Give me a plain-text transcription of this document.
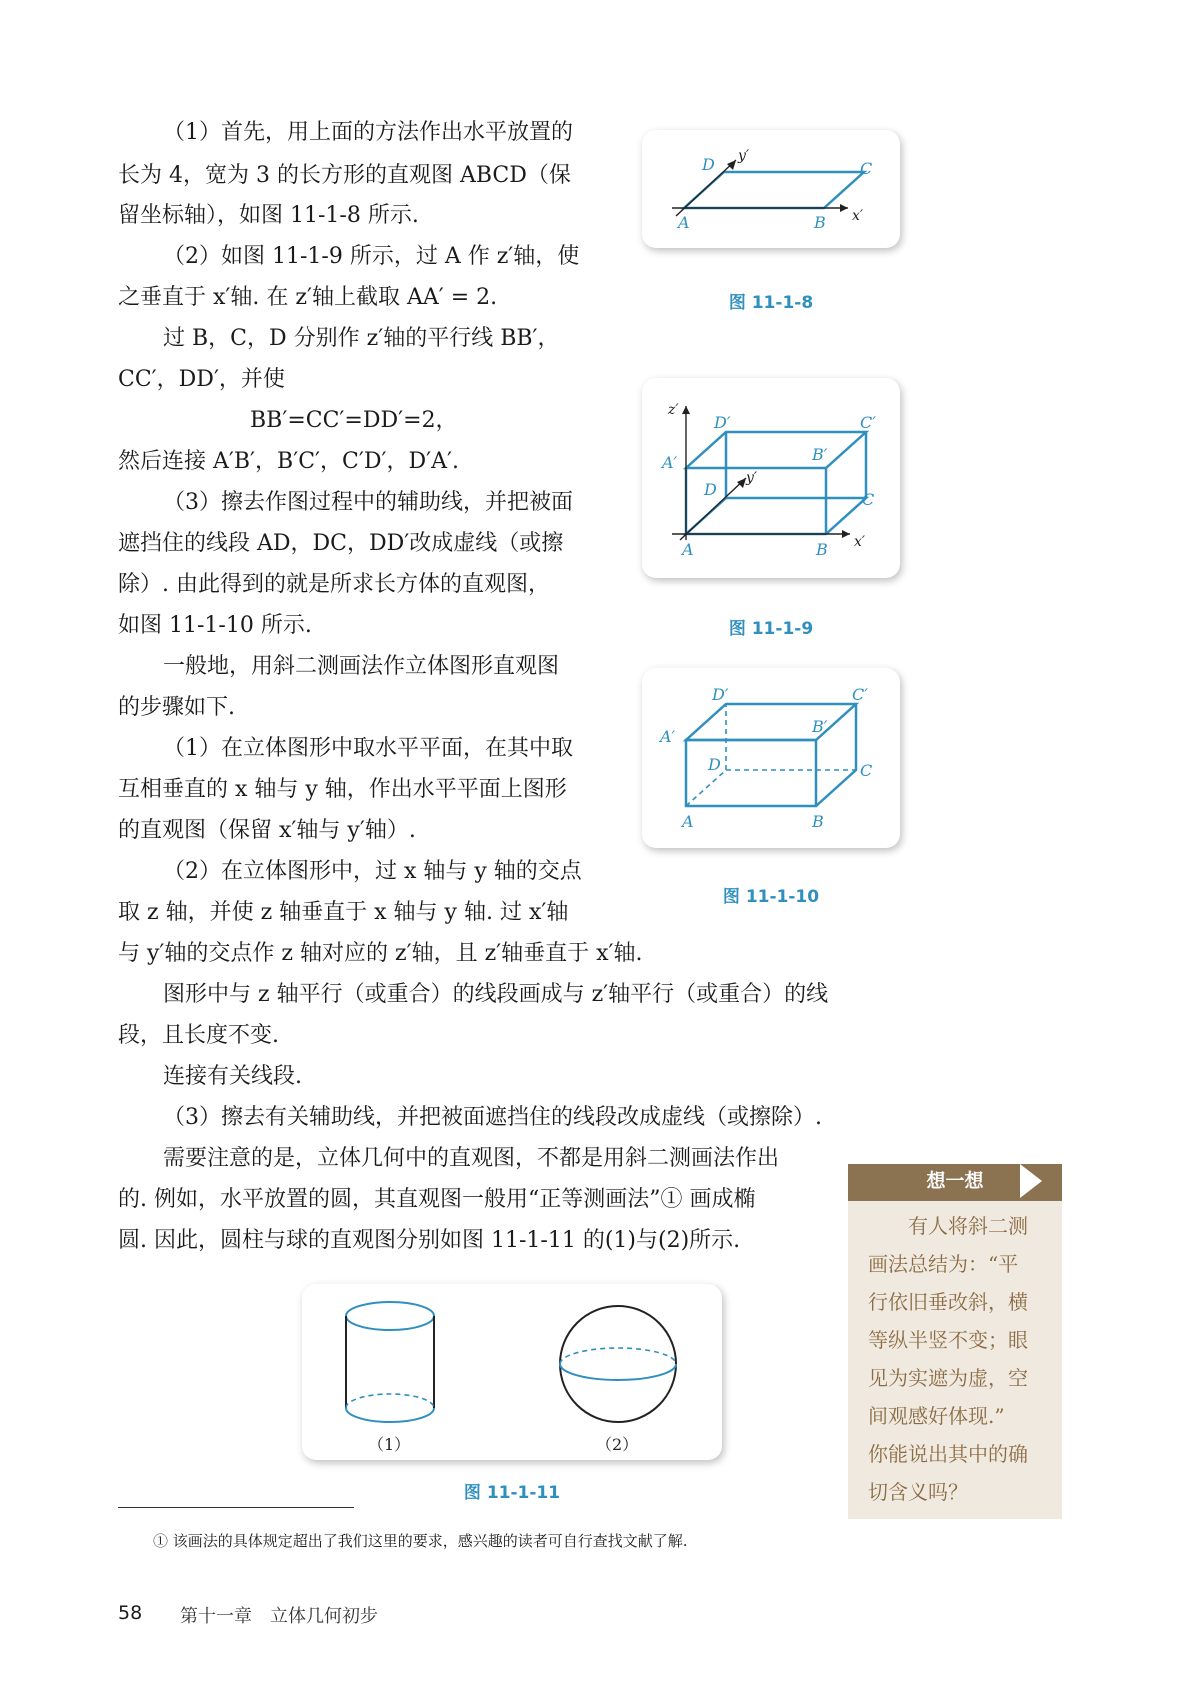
（1）首先，用上面的方法作出水平放置的

长为 4，宽为 3 的长方形的直观图 ABCD（保

留坐标轴），如图 11-1-8 所示.

（2）如图 11-1-9 所示，过 A 作 z′轴，使

之垂直于 x′轴. 在 z′轴上截取 AA′ = 2.

过 B，C，D 分别作 z′轴的平行线 BB′，

CC′，DD′，并使

BB′=CC′=DD′=2，

然后连接 A′B′，B′C′，C′D′，D′A′.

（3）擦去作图过程中的辅助线，并把被面

遮挡住的线段 AD，DC，DD′改成虚线（或擦

除）. 由此得到的就是所求长方体的直观图，

如图 11-1-10 所示.

一般地，用斜二测画法作立体图形直观图

的步骤如下.

（1）在立体图形中取水平平面，在其中取

互相垂直的 x 轴与 y 轴，作出水平平面上图形

的直观图（保留 x′轴与 y′轴）.

（2）在立体图形中，过 x 轴与 y 轴的交点

取 z 轴，并使 z 轴垂直于 x 轴与 y 轴. 过 x′轴

与 y′轴的交点作 z 轴对应的 z′轴，且 z′轴垂直于 x′轴.

图形中与 z 轴平行（或重合）的线段画成与 z′轴平行（或重合）的线

段，且长度不变.

连接有关线段.

（3）擦去有关辅助线，并把被面遮挡住的线段改成虚线（或擦除）.

需要注意的是，立体几何中的直观图，不都是用斜二测画法作出

的. 例如，水平放置的圆，其直观图一般用“正等测画法”① 画成椭

圆. 因此，圆柱与球的直观图分别如图 11-1-11 的(1)与(2)所示.

A	B
C
D
x′
y′
图 11-1-8
A	B
C
D
A′	B′
C′
D′
x′
y′
z′
图 11-1-9
A	B
C
D
A′
B′
C′
D′
图 11-1-10
（1）	（2）
图 11-1-11
想一想
有人将斜二测
画法总结为：“平
行依旧垂改斜，横
等纵半竖不变；眼
见为实遮为虚，空
间观感好体现.”
你能说出其中的确
切含义吗？
① 该画法的具体规定超出了我们这里的要求，感兴趣的读者可自行查找文献了解.
58 第十一章　立体几何初步
